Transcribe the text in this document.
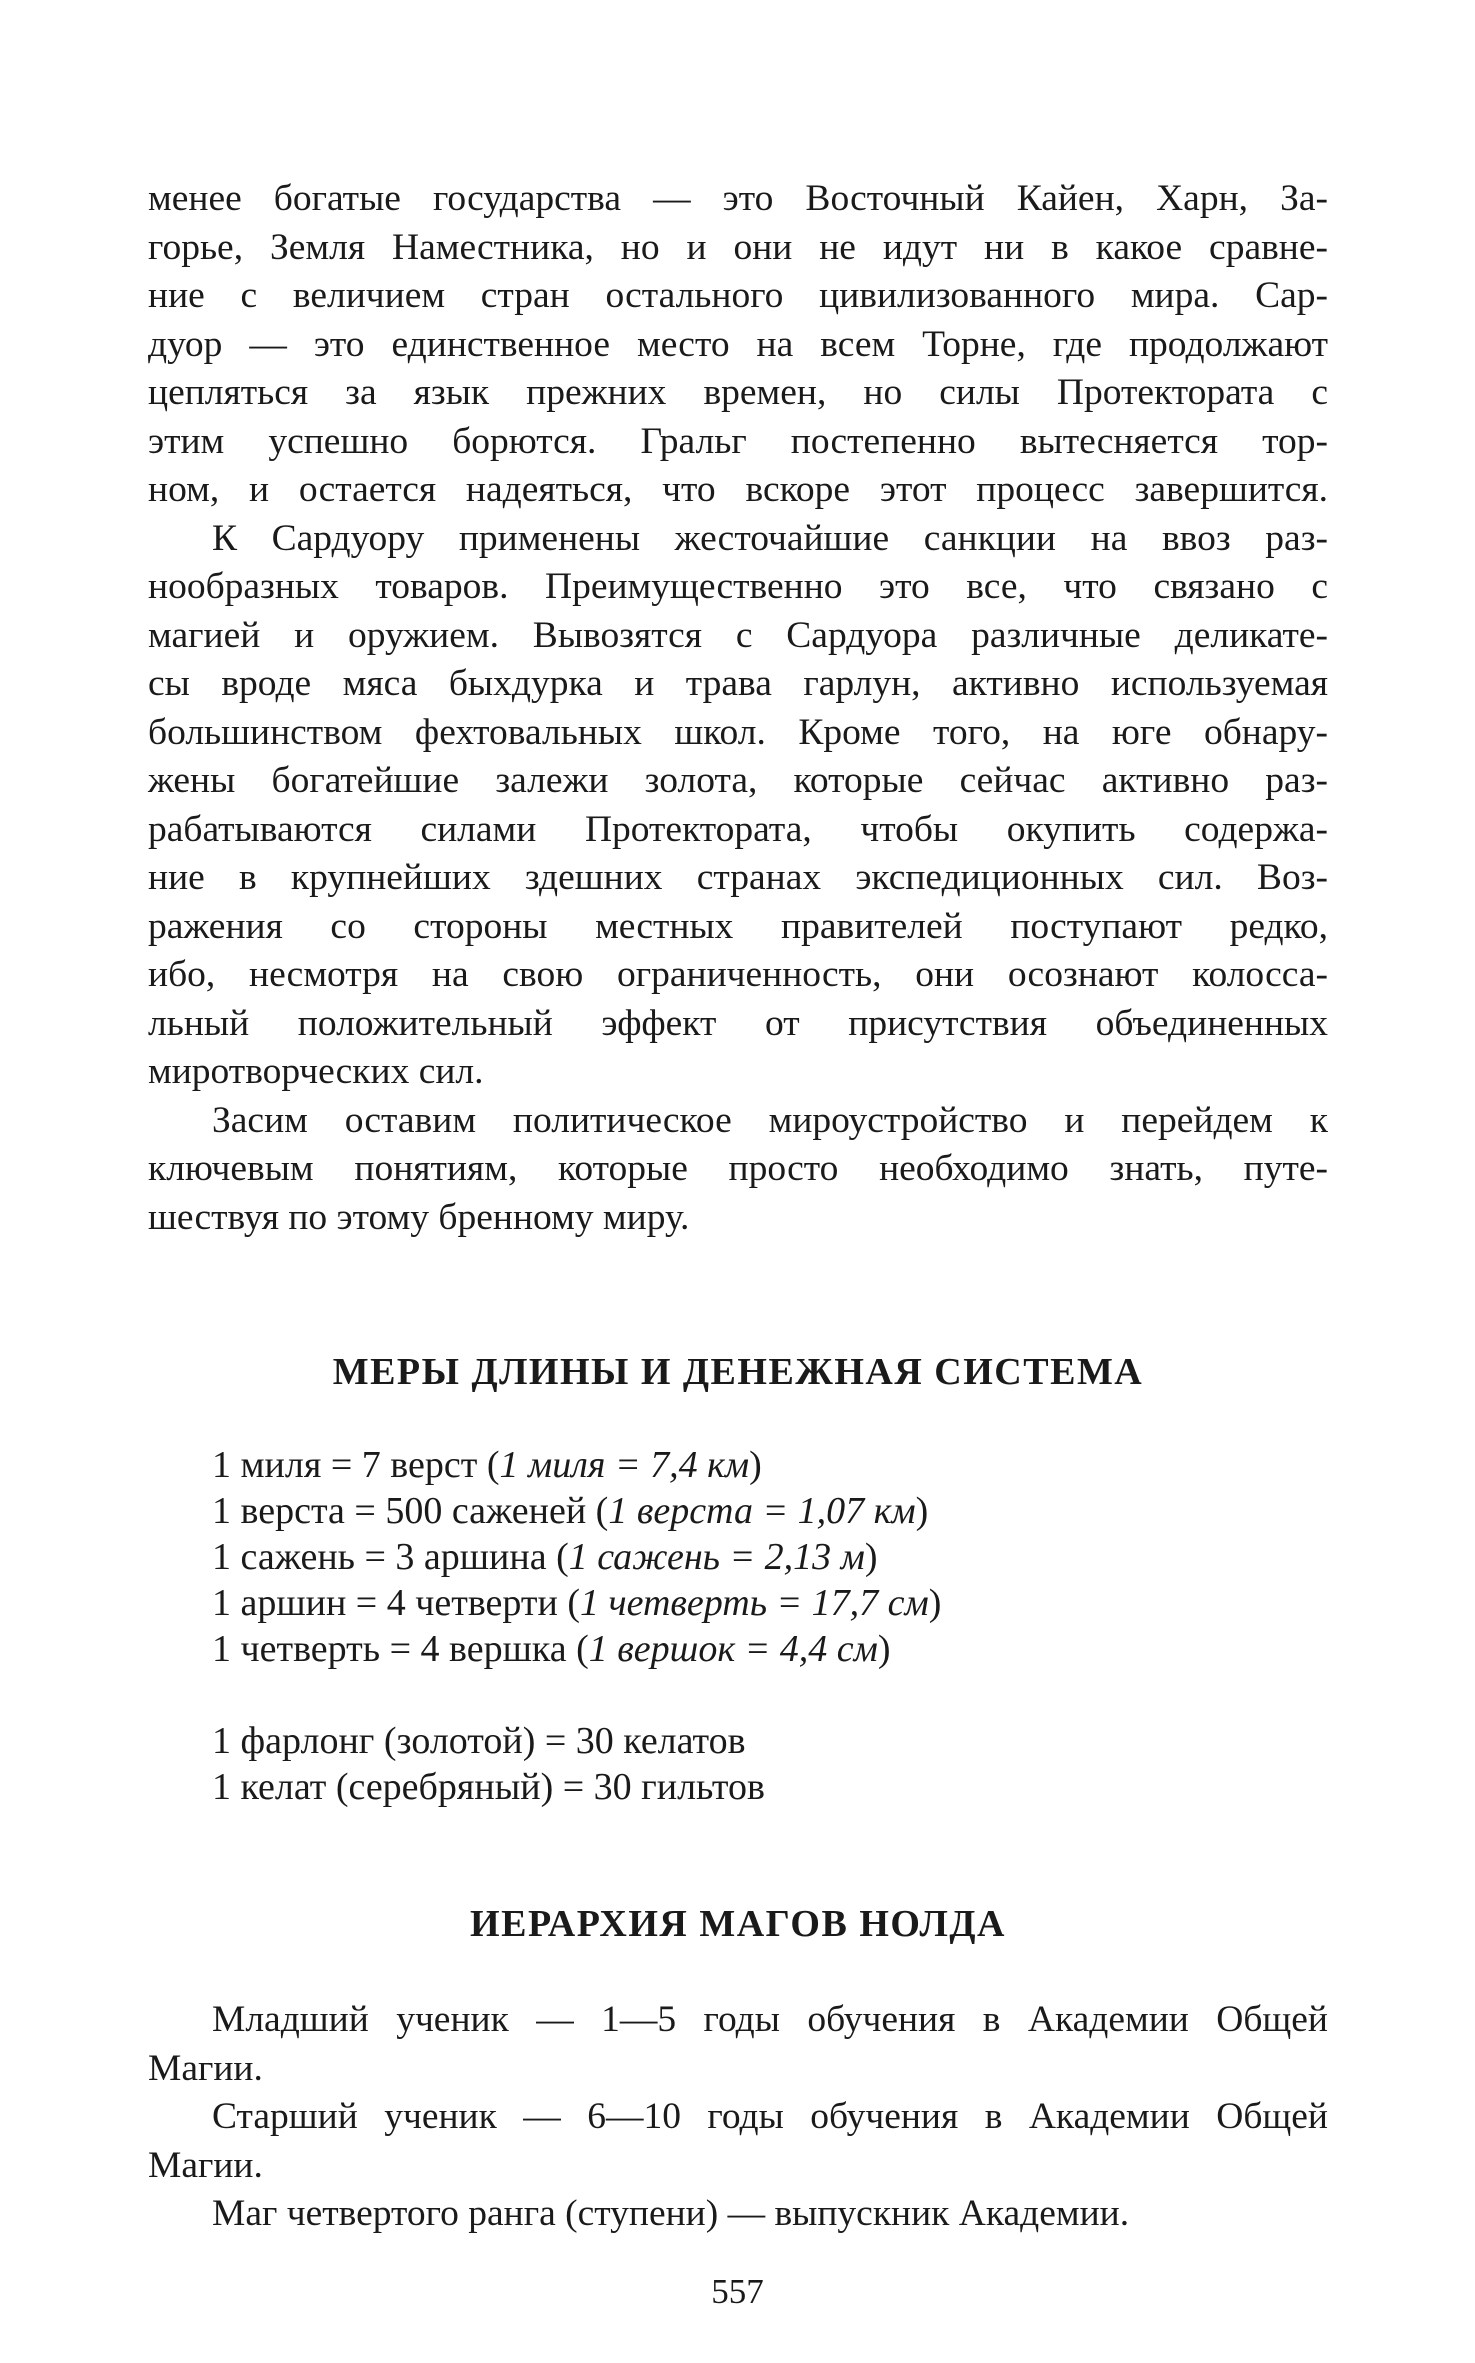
менее богатые государства — это Восточный Кайен, Харн, За-
горье, Земля Наместника, но и они не идут ни в какое сравне-
ние с величием стран остального цивилизованного мира. Сар-
дуор — это единственное место на всем Торне, где продолжают
цепляться за язык прежних времен, но силы Протектората с
этим успешно борются. Гральг постепенно вытесняется тор-
ном, и остается надеяться, что вскоре этот процесс завершится.

К Сардуору применены жесточайшие санкции на ввоз раз-
нообразных товаров. Преимущественно это все, что связано с
магией и оружием. Вывозятся с Сардуора различные деликате-
сы вроде мяса быхдурка и трава гарлун, активно используемая
большинством фехтовальных школ. Кроме того, на юге обнару-
жены богатейшие залежи золота, которые сейчас активно раз-
рабатываются силами Протектората, чтобы окупить содержа-
ние в крупнейших здешних странах экспедиционных сил. Воз-
ражения со стороны местных правителей поступают редко,
ибо, несмотря на свою ограниченность, они осознают колосса-
льный положительный эффект от присутствия объединенных
миротворческих сил.

Засим оставим политическое мироустройство и перейдем к
ключевым понятиям, которые просто необходимо знать, путе-
шествуя по этому бренному миру.

МЕРЫ ДЛИНЫ И ДЕНЕЖНАЯ СИСТЕМА
1 миля = 7 верст (1 миля = 7,4 км)
1 верста = 500 саженей (1 верста = 1,07 км)
1 сажень = 3 аршина (1 сажень = 2,13 м)
1 аршин = 4 четверти (1 четверть = 17,7 см)
1 четверть = 4 вершка (1 вершок = 4,4 см)
1 фарлонг (золотой) = 30 келатов
1 келат (серебряный) = 30 гильтов
ИЕРАРХИЯ МАГОВ НОЛДА

Младший ученик — 1—5 годы обучения в Академии Общей
Магии.

Старший ученик — 6—10 годы обучения в Академии Общей
Магии.

Маг четвертого ранга (ступени) — выпускник Академии.

557
